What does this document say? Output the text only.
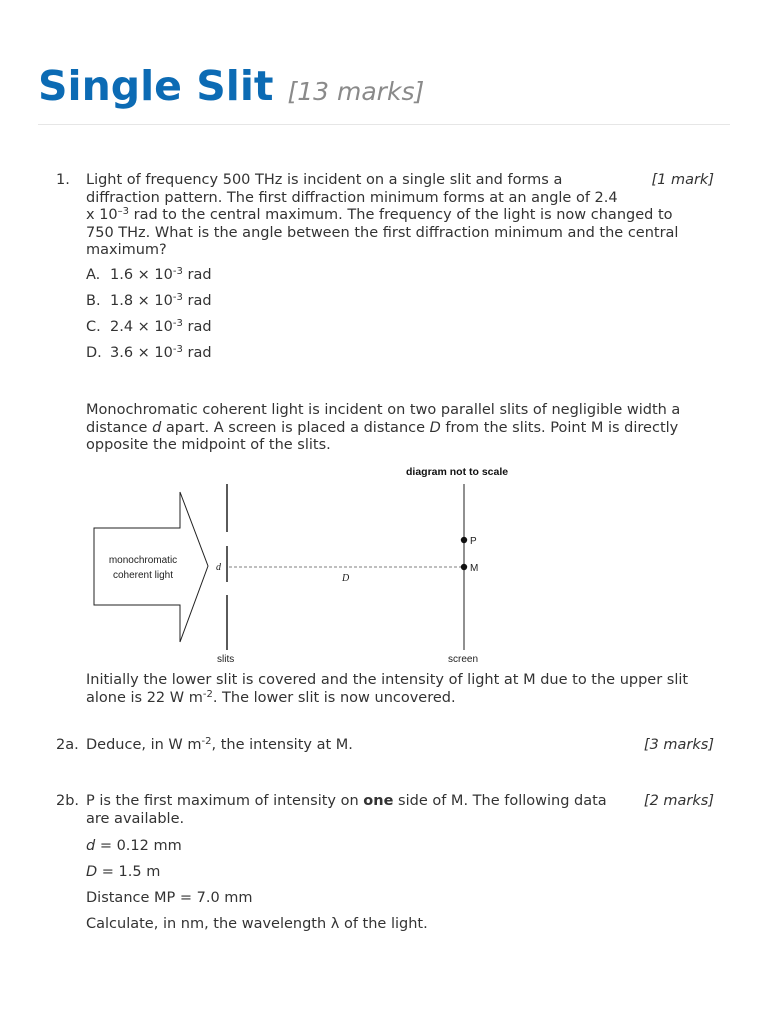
Single Slit [13 marks]
1.	[1 mark]
Light of frequency 500 THz is incident on a single slit and forms a
diffraction pattern. The first diffraction minimum forms at an angle of 2.4
x $10^{-3}$ rad to the central maximum. The frequency of the light is now changed to
750 THz. What is the angle between the first diffraction minimum and the central
maximum?
A. $1.6 \times 10^{-3}$ rad
B. $1.8 \times 10^{-3}$ rad
C. $2.4 \times 10^{-3}$ rad
D. $3.6 \times 10^{-3}$ rad
Monochromatic coherent light is incident on two parallel slits of negligible width a
distance d apart. A screen is placed a distance D from the slits. Point M is directly
opposite the midpoint of the slits.
diagram not to scale
monochromatic
coherent light
d
D
P
M
slits	screen
Initially the lower slit is covered and the intensity of light at M due to the upper slit
alone is 22 W $m^{-2}$. The lower slit is now uncovered.
2a.	[3 marks]
Deduce, in W $m^{-2}$, the intensity at M.
2b.	[2 marks]
P is the first maximum of intensity on one side of M. The following data
are available.
d = 0.12 mm
D = 1.5 m
Distance MP = 7.0 mm
Calculate, in nm, the wavelength λ of the light.
